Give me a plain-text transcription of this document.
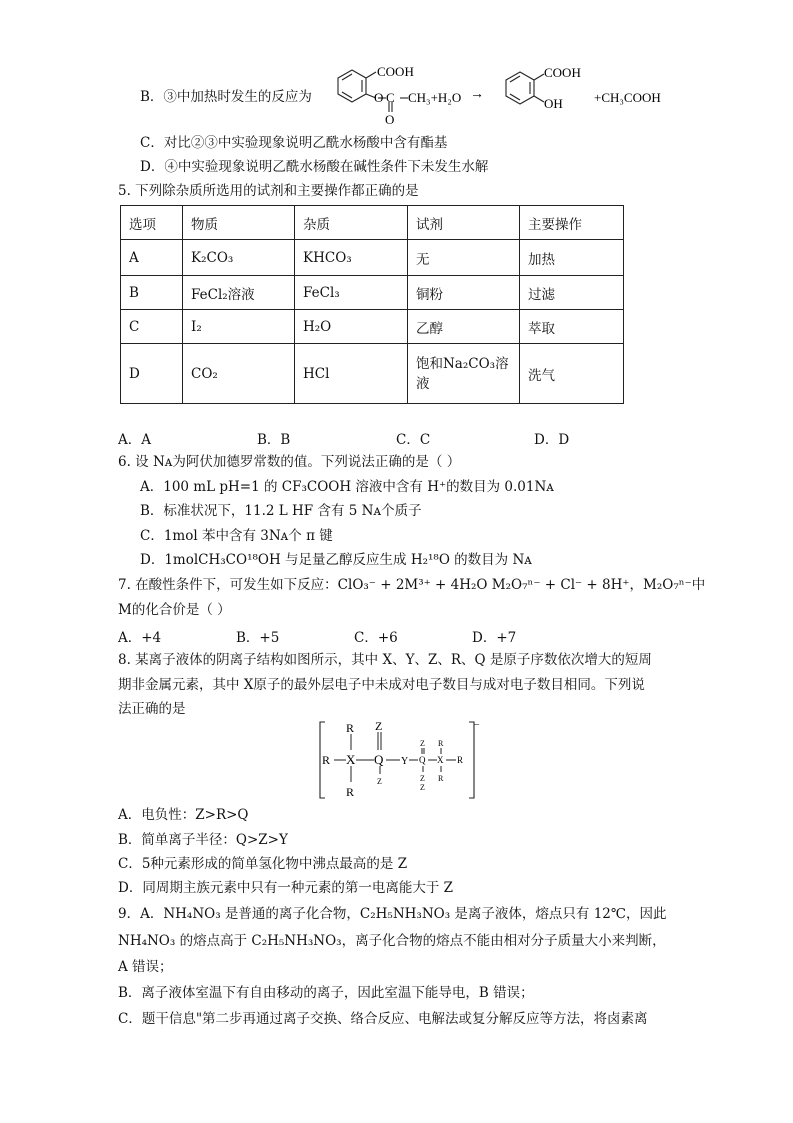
B．③中加热时发生的反应为
COOH
O C CH₃+H₂O
O
→
COOH
OH +CH₃COOH
C．对比②③中实验现象说明乙酰水杨酸中含有酯基
D．④中实验现象说明乙酰水杨酸在碱性条件下未发生水解
5. 下列除杂质所选用的试剂和主要操作都正确的是
选项	物质	杂质	试剂	主要操作
A	K₂CO₃	KHCO₃	无	加热
B	FeCl₂溶液	FeCl₃	铜粉	过滤
C	I₂	H₂O	乙醇	萃取
D	CO₂	HCl	饱和Na₂CO₃溶液	洗气
A．A	B．B	C．C	D．D
6. 设 Nᴀ为阿伏加德罗常数的值。下列说法正确的是（ ）
A．100 mL pH=1 的 CF₃COOH 溶液中含有 H⁺的数目为 0.01Nᴀ
B．标准状况下，11.2 L HF 含有 5 Nᴀ个质子
C．1mol 苯中含有 3Nᴀ个 π 键
D．1molCH₃CO¹⁸OH 与足量乙醇反应生成 H₂¹⁸O 的数目为 Nᴀ
7. 在酸性条件下，可发生如下反应：ClO₃⁻ + 2M³⁺ + 4H₂O M₂O₇ⁿ⁻ + Cl⁻ + 8H⁺，M₂O₇ⁿ⁻中
M的化合价是（ ）
A．+4	B．+5	C．+6	D．+7
8. 某离子液体的阴离子结构如图所示，其中 X、Y、Z、R、Q 是原子序数依次增大的短周
期非金属元素，其中 X原子的最外层电子中未成对电子数目与成对电子数目相同。下列说
法正确的是
−
R Z
R X Q Y
Z R
Z
Q X R
R
Z
Z
R
A．电负性：Z>R>Q
B．简单离子半径：Q>Z>Y
C．5种元素形成的简单氢化物中沸点最高的是 Z
D．同周期主族元素中只有一种元素的第一电离能大于 Z
9．A．NH₄NO₃ 是普通的离子化合物，C₂H₅NH₃NO₃ 是离子液体，熔点只有 12℃，因此
NH₄NO₃ 的熔点高于 C₂H₅NH₃NO₃，离子化合物的熔点不能由相对分子质量大小来判断，
A 错误；
B．离子液体室温下有自由移动的离子，因此室温下能导电，B 错误；
C．题干信息"第二步再通过离子交换、络合反应、电解法或复分解反应等方法，将卤素离
